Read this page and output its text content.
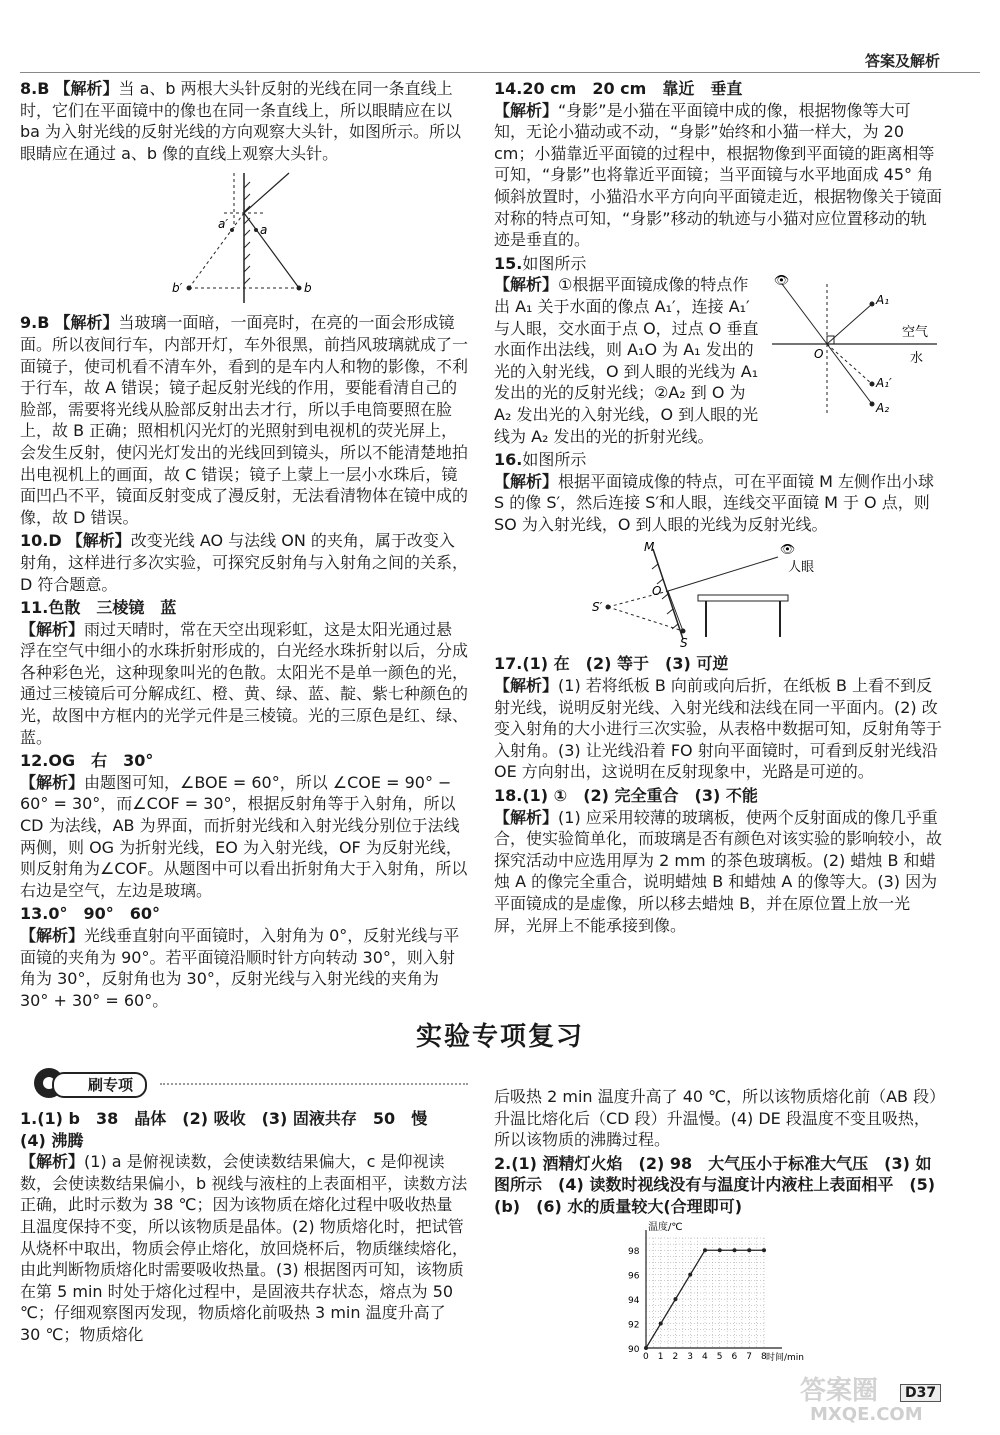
答案及解析
8.B 【解析】当 a、b 两根大头针反射的光线在同一条直线上时，它们在平面镜中的像也在同一条直线上，所以眼睛应在以 ba 为入射光线的反射光线的方向观察大头针，如图所示。所以眼睛应在通过 a、b 像的直线上观察大头针。
a
a′
b
b′
9.B 【解析】当玻璃一面暗，一面亮时，在亮的一面会形成镜面。所以夜间行车，内部开灯，车外很黑，前挡风玻璃就成了一面镜子，使司机看不清车外，看到的是车内人和物的影像，不利于行车，故 A 错误；镜子起反射光线的作用，要能看清自己的脸部，需要将光线从脸部反射出去才行，所以手电筒要照在脸上，故 B 正确；照相机闪光灯的光照射到电视机的荧光屏上，会发生反射，使闪光灯发出的光线回到镜头，所以不能清楚地拍出电视机上的画面，故 C 错误；镜子上蒙上一层小水珠后，镜面凹凸不平，镜面反射变成了漫反射，无法看清物体在镜中成的像，故 D 错误。
10.D 【解析】改变光线 AO 与法线 ON 的夹角，属于改变入射角，这样进行多次实验，可探究反射角与入射角之间的关系，D 符合题意。
11.色散　三棱镜　蓝
【解析】雨过天晴时，常在天空出现彩虹，这是太阳光通过悬浮在空气中细小的水珠折射形成的，白光经水珠折射以后，分成各种彩色光，这种现象叫光的色散。太阳光不是单一颜色的光，通过三棱镜后可分解成红、橙、黄、绿、蓝、靛、紫七种颜色的光，故图中方框内的光学元件是三棱镜。光的三原色是红、绿、蓝。
12.OG　右　30°
【解析】由题图可知，∠BOE = 60°，所以 ∠COE = 90° − 60° = 30°，而∠COF = 30°，根据反射角等于入射角，所以 CD 为法线，AB 为界面，而折射光线和入射光线分别位于法线两侧，则 OG 为折射光线，EO 为入射光线，OF 为反射光线，则反射角为∠COF。从题图中可以看出折射角大于入射角，所以右边是空气，左边是玻璃。
13.0°　90°　60°
【解析】光线垂直射向平面镜时，入射角为 0°，反射光线与平面镜的夹角为 90°。若平面镜沿顺时针方向转动 30°，则入射角为 30°，反射角也为 30°，反射光线与入射光线的夹角为 30° + 30° = 60°。
14.20 cm　20 cm　靠近　垂直
【解析】“身影”是小猫在平面镜中成的像，根据物像等大可知，无论小猫动或不动，“身影”始终和小猫一样大，为 20 cm；小猫靠近平面镜的过程中，根据物像到平面镜的距离相等可知，“身影”也将靠近平面镜；当平面镜与水平地面成 45° 角倾斜放置时，小猫沿水平方向向平面镜走近，根据物像关于镜面对称的特点可知，“身影”移动的轨迹与小猫对应位置移动的轨迹是垂直的。
15.如图所示
【解析】①根据平面镜成像的特点作出 A₁ 关于水面的像点 A₁′，连接 A₁′与人眼，交水面于点 O，过点 O 垂直水面作出法线，则 A₁O 为 A₁ 发出的光的入射光线，O 到人眼的光线为 A₁ 发出的光的反射光线；②A₂ 到 O 为 A₂ 发出光的入射光线，O 到人眼的光线为 A₂ 发出的光的折射光线。
👁
A₁
A₁′
A₂
O
空气
水
16.如图所示
【解析】根据平面镜成像的特点，可在平面镜 M 左侧作出小球 S 的像 S′，然后连接 S′和人眼，连线交平面镜 M 于 O 点，则 SO 为入射光线，O 到人眼的光线为反射光线。
👁
人眼
M
O
S′
S
17.(1) 在　(2) 等于　(3) 可逆
【解析】(1) 若将纸板 B 向前或向后折，在纸板 B 上看不到反射光线，说明反射光线、入射光线和法线在同一平面内。(2) 改变入射角的大小进行三次实验，从表格中数据可知，反射角等于入射角。(3) 让光线沿着 FO 射向平面镜时，可看到反射光线沿 OE 方向射出，这说明在反射现象中，光路是可逆的。
18.(1) ①　(2) 完全重合　(3) 不能
【解析】(1) 应采用较薄的玻璃板，使两个反射面成的像几乎重合，使实验简单化，而玻璃是否有颜色对该实验的影响较小，故探究活动中应选用厚为 2 mm 的茶色玻璃板。(2) 蜡烛 B 和蜡烛 A 的像完全重合，说明蜡烛 B 和蜡烛 A 的像等大。(3) 因为平面镜成的是虚像，所以移去蜡烛 B，并在原位置上放一光屏，光屏上不能承接到像。
实验专项复习
刷专项
1.(1) b　38　晶体　(2) 吸收　(3) 固液共存　50　慢　(4) 沸腾
【解析】(1) a 是俯视读数，会使读数结果偏大，c 是仰视读数，会使读数结果偏小，b 视线与液柱的上表面相平，读数方法正确，此时示数为 38 ℃；因为该物质在熔化过程中吸收热量且温度保持不变，所以该物质是晶体。(2) 物质熔化时，把试管从烧杯中取出，物质会停止熔化，放回烧杯后，物质继续熔化，由此判断物质熔化时需要吸收热量。(3) 根据图丙可知，该物质在第 5 min 时处于熔化过程中，是固液共存状态，熔点为 50 ℃；仔细观察图丙发现，物质熔化前吸热 3 min 温度升高了 30 ℃；物质熔化
后吸热 2 min 温度升高了 40 ℃，所以该物质熔化前（AB 段）升温比熔化后（CD 段）升温慢。(4) DE 段温度不变且吸热，所以该物质的沸腾过程。
2.(1) 酒精灯火焰　(2) 98　大气压小于标准大气压　(3) 如图所示　(4) 读数时视线没有与温度计内液柱上表面相平　(5) (b)　(6) 水的质量较大(合理即可)
温度/℃
时间/min
0 1 2 3 4 5 6 7 8
90
92
94
96
98
答案圈
MXQE.COM
D37
